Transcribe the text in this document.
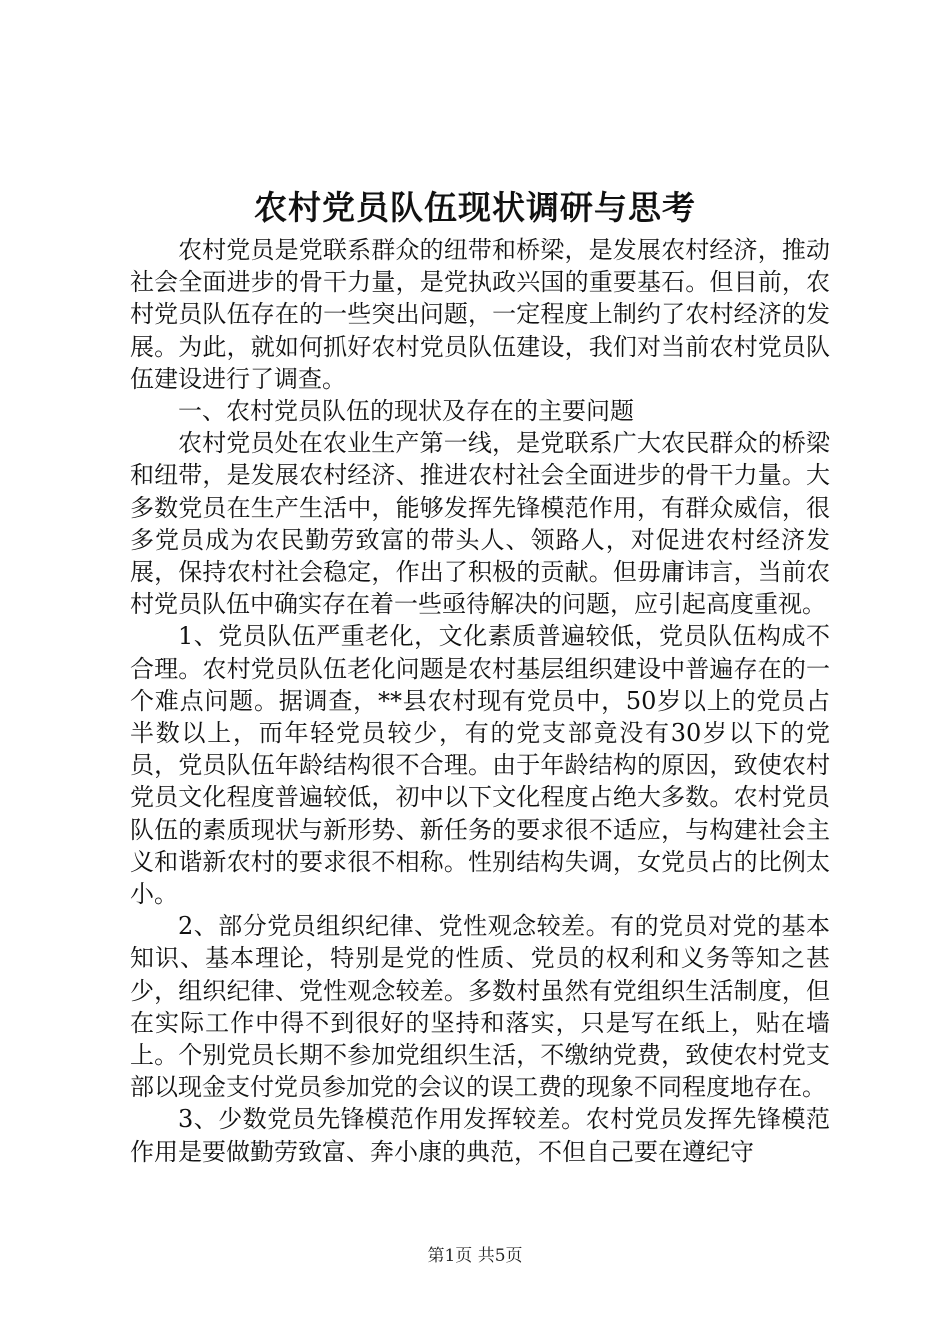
农村党员队伍现状调研与思考

农村党员是党联系群众的纽带和桥梁，是发展农村经济，推动社会全面进步的骨干力量，是党执政兴国的重要基石。但目前，农村党员队伍存在的一些突出问题，一定程度上制约了农村经济的发展。为此，就如何抓好农村党员队伍建设，我们对当前农村党员队伍建设进行了调查。

一、农村党员队伍的现状及存在的主要问题

农村党员处在农业生产第一线，是党联系广大农民群众的桥梁和纽带，是发展农村经济、推进农村社会全面进步的骨干力量。大多数党员在生产生活中，能够发挥先锋模范作用，有群众威信，很多党员成为农民勤劳致富的带头人、领路人，对促进农村经济发展，保持农村社会稳定，作出了积极的贡献。但毋庸讳言，当前农村党员队伍中确实存在着一些亟待解决的问题，应引起高度重视。

1、党员队伍严重老化，文化素质普遍较低，党员队伍构成不合理。农村党员队伍老化问题是农村基层组织建设中普遍存在的一个难点问题。据调查，**县农村现有党员中，50岁以上的党员占半数以上，而年轻党员较少，有的党支部竟没有30岁以下的党员，党员队伍年龄结构很不合理。由于年龄结构的原因，致使农村党员文化程度普遍较低，初中以下文化程度占绝大多数。农村党员队伍的素质现状与新形势、新任务的要求很不适应，与构建社会主义和谐新农村的要求很不相称。性别结构失调，女党员占的比例太小。

2、部分党员组织纪律、党性观念较差。有的党员对党的基本知识、基本理论，特别是党的性质、党员的权利和义务等知之甚少，组织纪律、党性观念较差。多数村虽然有党组织生活制度，但在实际工作中得不到很好的坚持和落实，只是写在纸上，贴在墙上。个别党员长期不参加党组织生活，不缴纳党费，致使农村党支部以现金支付党员参加党的会议的误工费的现象不同程度地存在。

3、少数党员先锋模范作用发挥较差。农村党员发挥先锋模范作用是要做勤劳致富、奔小康的典范，不但自己要在遵纪守

第1页 共5页
